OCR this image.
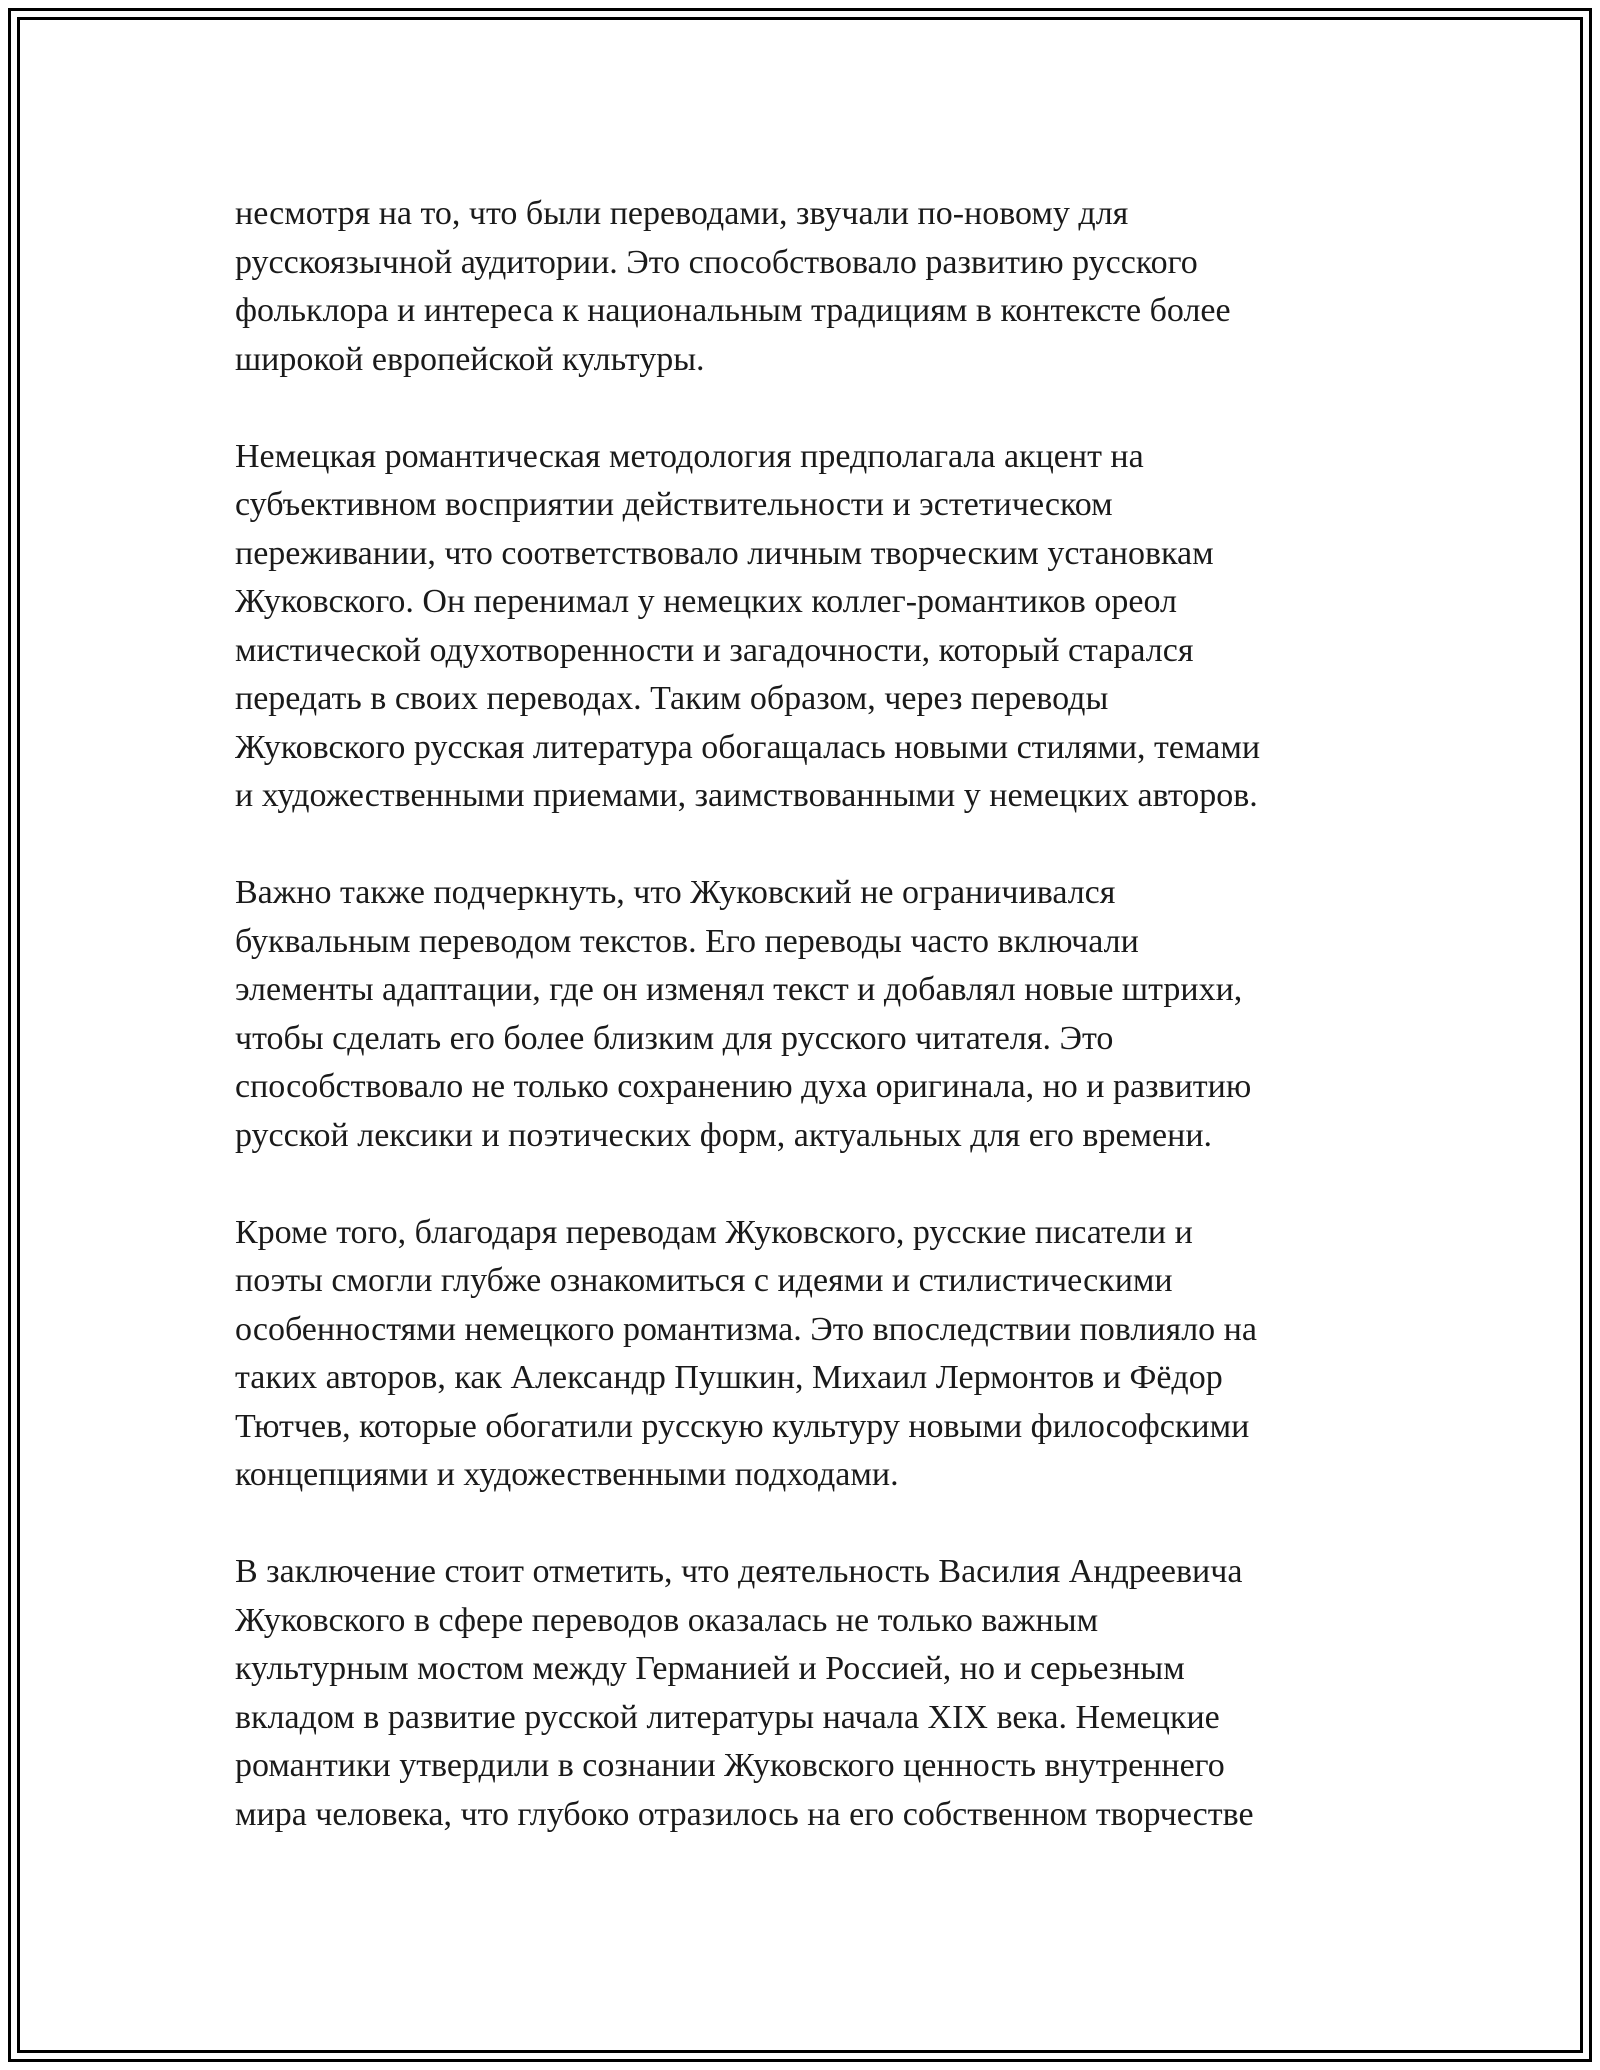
несмотря на то, что были переводами, звучали по-новому для
русскоязычной аудитории. Это способствовало развитию русского
фольклора и интереса к национальным традициям в контексте более
широкой европейской культуры.
Немецкая романтическая методология предполагала акцент на
субъективном восприятии действительности и эстетическом
переживании, что соответствовало личным творческим установкам
Жуковского. Он перенимал у немецких коллег-романтиков ореол
мистической одухотворенности и загадочности, который старался
передать в своих переводах. Таким образом, через переводы
Жуковского русская литература обогащалась новыми стилями, темами
и художественными приемами, заимствованными у немецких авторов.
Важно также подчеркнуть, что Жуковский не ограничивался
буквальным переводом текстов. Его переводы часто включали
элементы адаптации, где он изменял текст и добавлял новые штрихи,
чтобы сделать его более близким для русского читателя. Это
способствовало не только сохранению духа оригинала, но и развитию
русской лексики и поэтических форм, актуальных для его времени.
Кроме того, благодаря переводам Жуковского, русские писатели и
поэты смогли глубже ознакомиться с идеями и стилистическими
особенностями немецкого романтизма. Это впоследствии повлияло на
таких авторов, как Александр Пушкин, Михаил Лермонтов и Фёдор
Тютчев, которые обогатили русскую культуру новыми философскими
концепциями и художественными подходами.
В заключение стоит отметить, что деятельность Василия Андреевича
Жуковского в сфере переводов оказалась не только важным
культурным мостом между Германией и Россией, но и серьезным
вкладом в развитие русской литературы начала XIX века. Немецкие
романтики утвердили в сознании Жуковского ценность внутреннего
мира человека, что глубоко отразилось на его собственном творчестве
